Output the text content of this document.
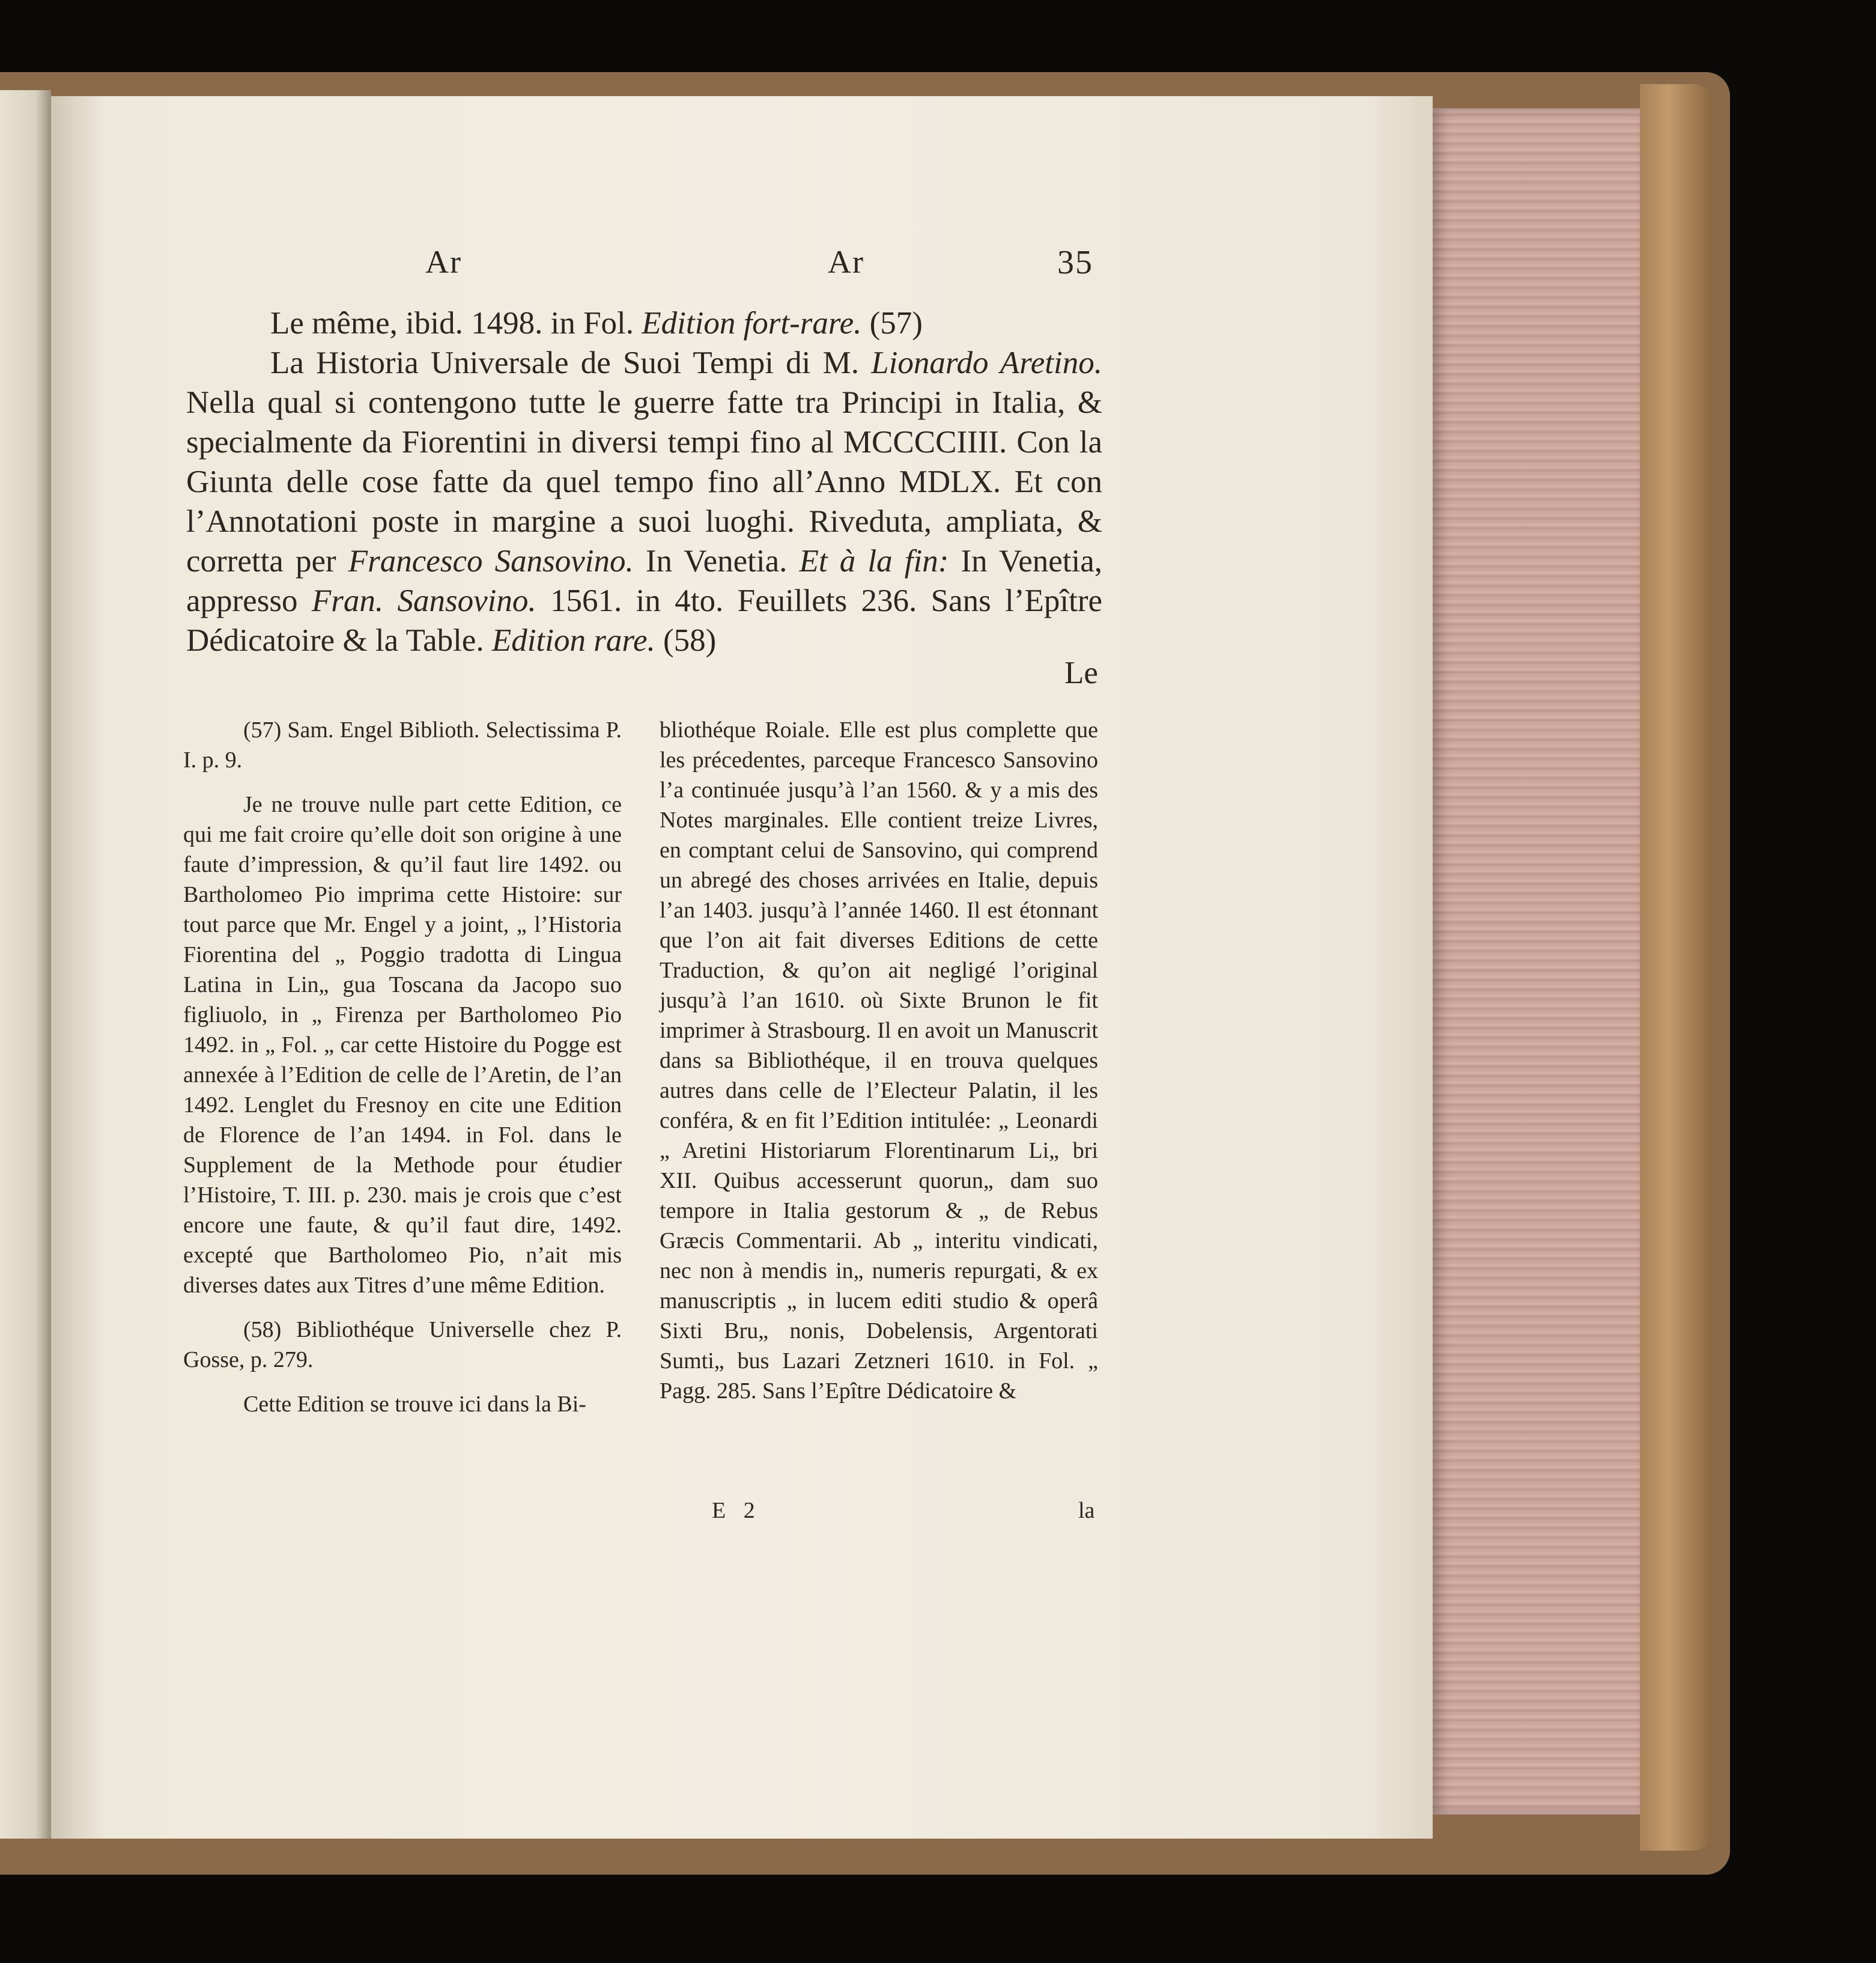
Ar	Ar	35

Le même, ibid. 1498. in Fol. Edition fort-rare. (57)

La Historia Universale de Suoi Tempi di M. Lionardo Aretino. Nella qual si contengono tutte le guerre fatte tra Principi in Italia, & specialmente da Fiorentini in diversi tempi fino al MCCCCIIII. Con la Giunta delle cose fatte da quel tempo fino all’Anno MDLX. Et con l’Annotationi poste in margine a suoi luoghi. Riveduta, ampliata, & corretta per Francesco Sansovino. In Venetia. Et à la fin: In Venetia, appresso Fran. Sansovino. 1561. in 4to. Feuillets 236. Sans l’Epître Dédicatoire & la Table. Edition rare. (58)

Le

(57) Sam. Engel Biblioth. Selectissima P. I. p. 9.

Je ne trouve nulle part cette Edition, ce qui me fait croire qu’elle doit son origine à une faute d’impression, & qu’il faut lire 1492. ou Bartholomeo Pio imprima cette Histoire: sur tout parce que Mr. Engel y a joint, „ l’Historia Fiorentina del „ Poggio tradotta di Lingua Latina in Lin„ gua Toscana da Jacopo suo figliuolo, in „ Firenza per Bartholomeo Pio 1492. in „ Fol. „ car cette Histoire du Pogge est annexée à l’Edition de celle de l’Aretin, de l’an 1492. Lenglet du Fresnoy en cite une Edition de Florence de l’an 1494. in Fol. dans le Supplement de la Methode pour étudier l’Histoire, T. III. p. 230. mais je crois que c’est encore une faute, & qu’il faut dire, 1492. excepté que Bartholomeo Pio, n’ait mis diverses dates aux Titres d’une même Edition.

(58) Bibliothéque Universelle chez P. Gosse, p. 279.

Cette Edition se trouve ici dans la Bi-

bliothéque Roiale. Elle est plus complette que les précedentes, parceque Francesco Sansovino l’a continuée jusqu’à l’an 1560. & y a mis des Notes marginales. Elle contient treize Livres, en comptant celui de Sansovino, qui comprend un abregé des choses arrivées en Italie, depuis l’an 1403. jusqu’à l’année 1460. Il est étonnant que l’on ait fait diverses Editions de cette Traduction, & qu’on ait negligé l’original jusqu’à l’an 1610. où Sixte Brunon le fit imprimer à Strasbourg. Il en avoit un Manuscrit dans sa Bibliothéque, il en trouva quelques autres dans celle de l’Electeur Palatin, il les conféra, & en fit l’Edition intitulée: „ Leonardi „ Aretini Historiarum Florentinarum Li„ bri XII. Quibus accesserunt quorun„ dam suo tempore in Italia gestorum & „ de Rebus Græcis Commentarii. Ab „ interitu vindicati, nec non à mendis in„ numeris repurgati, & ex manuscriptis „ in lucem editi studio & operâ Sixti Bru„ nonis, Dobelensis, Argentorati Sumti„ bus Lazari Zetzneri 1610. in Fol. „ Pagg. 285. Sans l’Epître Dédicatoire &

E 2	la
